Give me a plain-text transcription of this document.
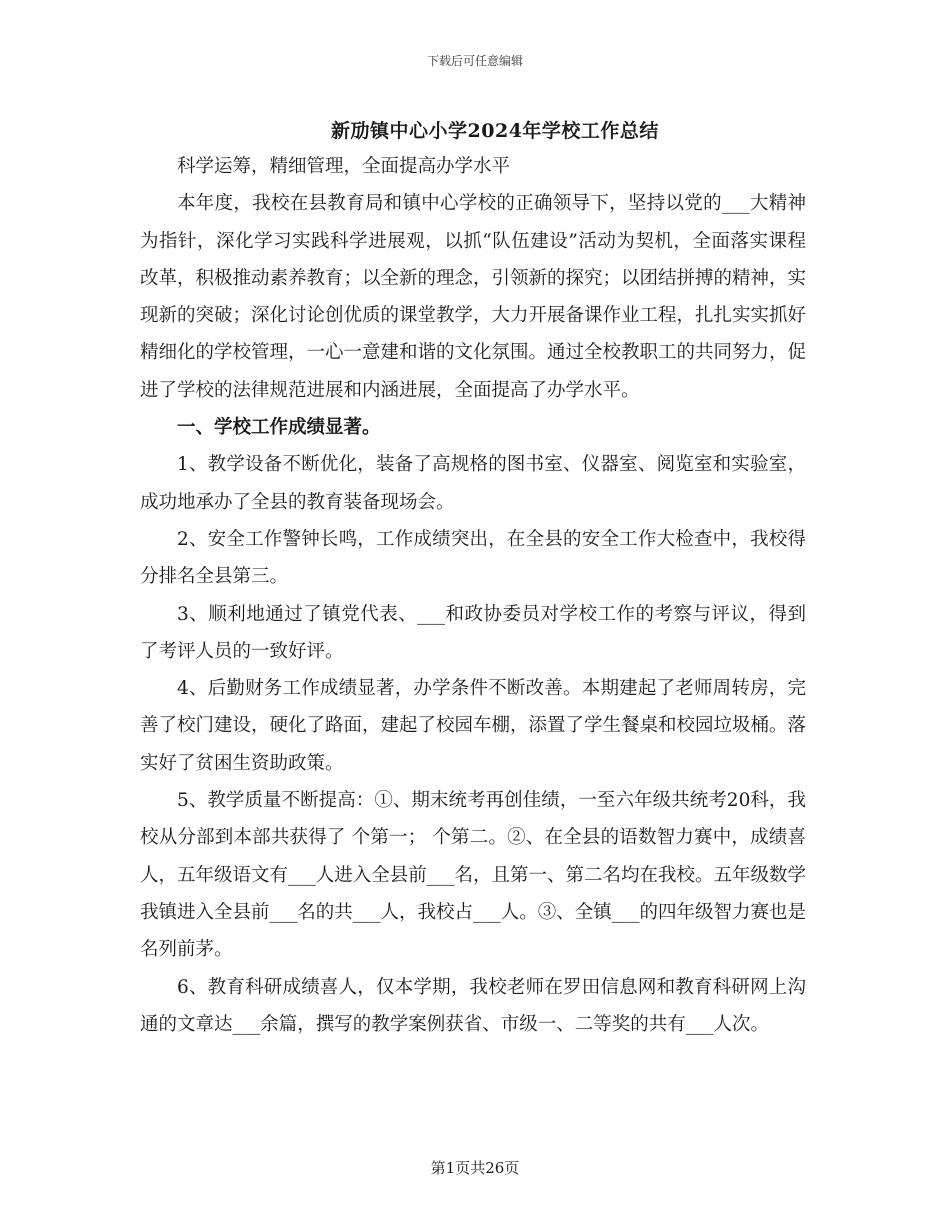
下载后可任意编辑
新劢镇中心小学2024年学校工作总结

科学运筹，精细管理，全面提高办学水平

本年度，我校在县教育局和镇中心学校的正确领导下，坚持以党的___大精神为指针，深化学习实践科学进展观，以抓“队伍建设”活动为契机，全面落实课程改革，积极推动素养教育；以全新的理念，引领新的探究；以团结拼搏的精神，实现新的突破；深化讨论创优质的课堂教学，大力开展备课作业工程，扎扎实实抓好精细化的学校管理，一心一意建和谐的文化氛围。通过全校教职工的共同努力，促进了学校的法律规范进展和内涵进展，全面提高了办学水平。

一、学校工作成绩显著。

1、教学设备不断优化，装备了高规格的图书室、仪器室、阅览室和实验室，成功地承办了全县的教育装备现场会。

2、安全工作警钟长鸣，工作成绩突出，在全县的安全工作大检查中，我校得分排名全县第三。

3、顺利地通过了镇党代表、___和政协委员对学校工作的考察与评议，得到了考评人员的一致好评。

4、后勤财务工作成绩显著，办学条件不断改善。本期建起了老师周转房，完善了校门建设，硬化了路面，建起了校园车棚，添置了学生餐桌和校园垃圾桶。落实好了贫困生资助政策。

5、教学质量不断提高：①、期末统考再创佳绩，一至六年级共统考20科，我校从分部到本部共获得了 个第一； 个第二。②、在全县的语数智力赛中，成绩喜人，五年级语文有___人进入全县前___名，且第一、第二名均在我校。五年级数学我镇进入全县前___名的共___人，我校占___人。③、全镇___的四年级智力赛也是名列前茅。

6、教育科研成绩喜人，仅本学期，我校老师在罗田信息网和教育科研网上沟通的文章达___余篇，撰写的教学案例获省、市级一、二等奖的共有___人次。

第1页共26页
